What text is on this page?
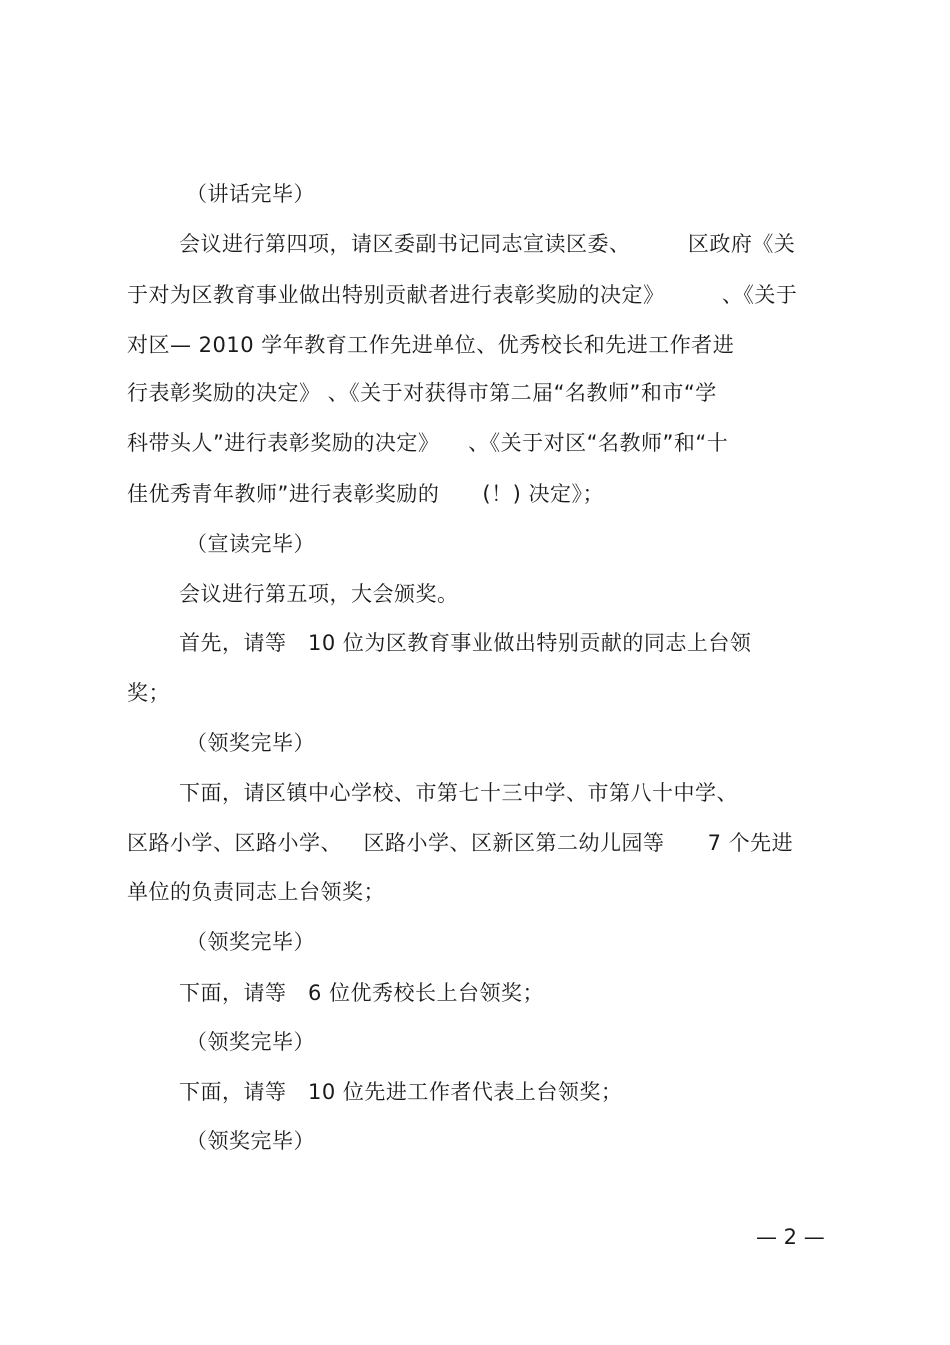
（讲话完毕）

会议进行第四项，请区委副书记同志宣读区委、        区政府《关

于对为区教育事业做出特别贡献者进行表彰奖励的决定》        、《关于

对区— 2010 学年教育工作先进单位、优秀校长和先进工作者进

行表彰奖励的决定》 、《关于对获得市第二届“名教师”和市“学

科带头人”进行表彰奖励的决定》    、《关于对区“名教师”和“十

佳优秀青年教师”进行表彰奖励的      (！) 决定》；

（宣读完毕）

会议进行第五项，大会颁奖。

首先，请等   10 位为区教育事业做出特别贡献的同志上台领

奖；

（领奖完毕）

下面，请区镇中心学校、市第七十三中学、市第八十中学、

区路小学、区路小学、   区路小学、区新区第二幼儿园等      7 个先进

单位的负责同志上台领奖；

（领奖完毕）

下面，请等   6 位优秀校长上台领奖；

（领奖完毕）

下面，请等   10 位先进工作者代表上台领奖；

（领奖完毕）

— 2 —
